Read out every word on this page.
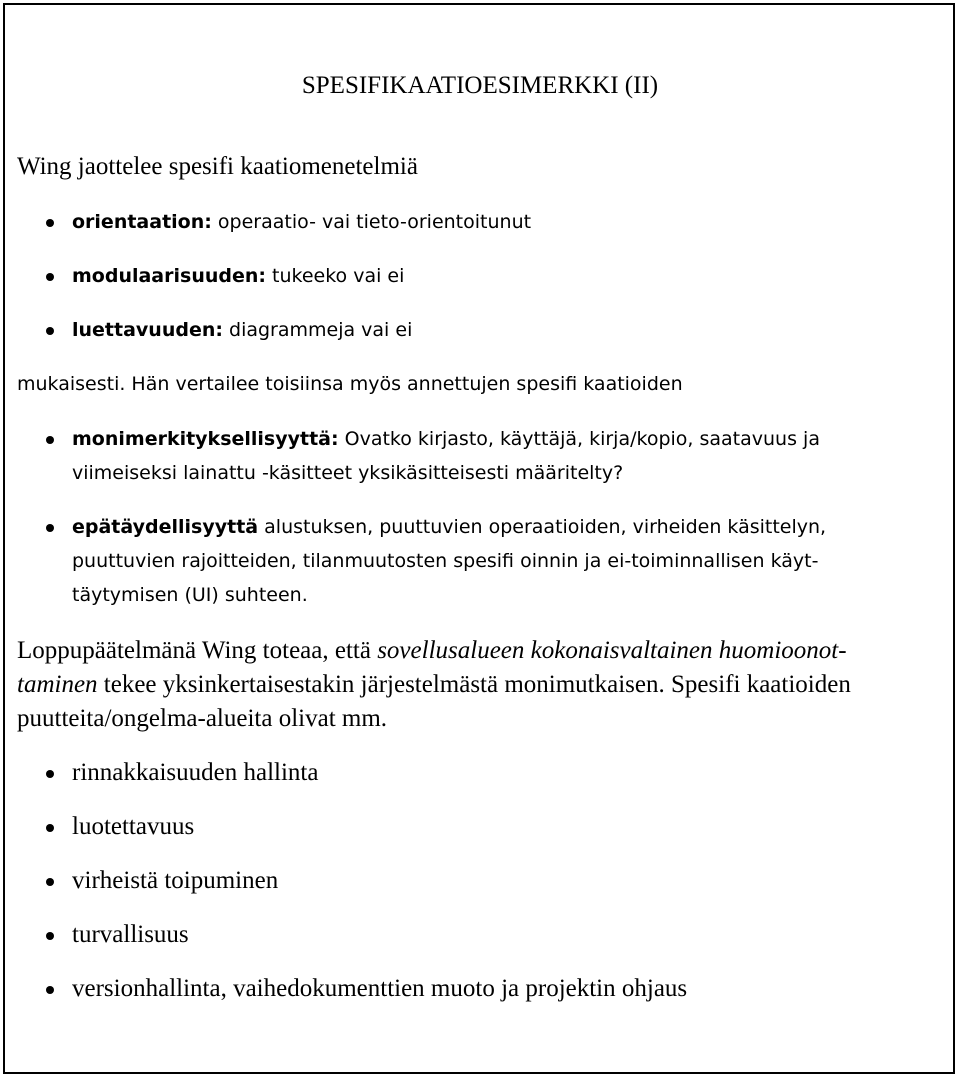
SPESIFIKAATIOESIMERKKI (II)

Wing jaottelee spesifi kaatiomenetelmiä

orientaation: operaatio- vai tieto-orientoitunut
modulaarisuuden: tukeeko vai ei
luettavuuden: diagrammeja vai ei

mukaisesti. Hän vertailee toisiinsa myös annettujen spesifi kaatioiden

monimerkityksellisyyttä: Ovatko kirjasto, käyttäjä, kirja/kopio, saatavuus ja
viimeiseksi lainattu -käsitteet yksikäsitteisesti määritelty?
epätäydellisyyttä alustuksen, puuttuvien operaatioiden, virheiden käsittelyn,
puuttuvien rajoitteiden, tilanmuutosten spesifi oinnin ja ei-toiminnallisen käyt-
täytymisen (UI) suhteen.

Loppupäätelmänä Wing toteaa, että sovellusalueen kokonaisvaltainen huomioonot-
taminen tekee yksinkertaisestakin järjestelmästä monimutkaisen. Spesifi kaatioiden
puutteita/ongelma-alueita olivat mm.

rinnakkaisuuden hallinta
luotettavuus
virheistä toipuminen
turvallisuus
versionhallinta, vaihedokumenttien muoto ja projektin ohjaus
